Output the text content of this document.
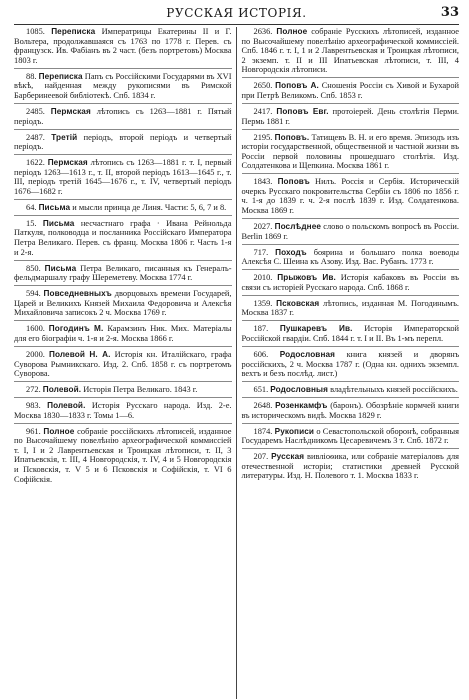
РУССКАЯ ИСТОРІЯ.	33

1085. Переписка Императрицы Екатерины II и Г. Вольтера, продолжавшаяся съ 1763 по 1778 г. Перев. съ французск. Ив. Фабіанъ въ 2 част. (безъ портретовъ) Москва 1803 г.

88. Переписка Папъ съ Россійскими Государями въ XVI вѣкѣ, найденная между рукописями въ Римской Барберинеевой библіотекѣ. Спб. 1834 г.

2485. Пермская лѣтопись съ 1263—1881 г. Пятый періодъ.

2487. Третій періодъ, второй періодъ и четвертый періодъ.

1622. Пермская лѣтопись съ 1263—1881 г. т. І, первый періодъ 1263—1613 г., т. II, второй періодъ 1613—1645 г., т. III, періодъ третій 1645—1676 г., т. IV, четвертый періодъ 1676—1682 г.

64. Письма и мысли принца де Линя. Части: 5, 6, 7 и 8.

15. Письма несчастнаго графа · Ивана Рейнольда Паткуля, полководца и посланника Россійскаго Императора Петра Великаго. Перев. съ франц. Москва 1806 г. Часть 1-я и 2-я.

850. Письма Петра Великаго, писанныя къ Генералъ-фельдмаршалу графу Шереметеву. Москва 1774 г.

594. Повседневныхъ дворцовыхъ времени Государей, Царей и Великихъ Князей Михаила Федоровича и Алексѣя Михайловича записокъ 2 ч. Москва 1769 г.

1600. Погодинъ М. Карамзинъ Ник. Мих. Матеріалы для его біографіи ч. 1-я и 2-я. Москва 1866 г.

2000. Полевой Н. А. Исторія кн. Италійскаго, графа Суворова Рымникскаго. Изд. 2. Спб. 1858 г. съ портретомъ Суворова.

272. Полевой. Исторія Петра Великаго. 1843 г.

983. Полевой. Исторія Русскаго народа. Изд. 2-е. Москва 1830—1833 г. Томы 1—6.

961. Полное собраніе россійскихъ лѣтописей, изданное по Высочайшему повелѣнію археографической коммиссіей т. І, I и 2 Лаврентьевская и Троицкая лѣтописи, т. II, 3 Ипатьевскія, т. III, 4 Новгородскія, т. IV, 4 и 5 Новгородскія и Псковскія, т. V 5 и 6 Псковскія и Софійскія, т. VI 6 Софійскія.

2636. Полное собраніе Русскихъ лѣтописей, изданное по Высочайшему повелѣнію археографической коммиссіей. Спб. 1846 г. т. І, 1 и 2 Лаврентьевская и Троицкая лѣтописи, 2 экземп. т. II и III Ипатьевская лѣтописи, т. III, 4 Новгородскія лѣтописи.

2650. Поповъ А. Сношенія Россіи съ Хивой и Бухарой при Петрѣ Великомъ. Спб. 1853 г.

2417. Поповъ Евг. протоіерей. День столѣтія Перми. Пермь 1881 г.

2195. Поповъ. Татищевъ В. Н. и его время. Эпизодъ изъ исторіи государственной, общественной и частной жизни въ Россіи первой половины прошедшаго столѣтія. Изд. Солдатенкова и Щепкина. Москва 1861 г.

1843. Поповъ Нилъ. Россія и Сербія. Историческій очеркъ Русскаго покровительства Сербіи съ 1806 по 1856 г. ч. 1-я до 1839 г. ч. 2-я послѣ 1839 г. Изд. Солдатенкова. Москва 1869 г.

2027. Послѣднее слово о польскомъ вопросѣ въ Россіи. Berlin 1869 г.

717. Походъ боярина и большаго полка воеводы Алексѣя С. Шеина къ Азову. Изд. Вас. Рубанъ. 1773 г.

2010. Прыжовъ Ив. Исторія кабаковъ въ Россіи въ связи съ исторіей Русскаго народа. Спб. 1868 г.

1359. Псковская лѣтопись, изданная М. Погодинымъ. Москва 1837 г.

187. Пушкаревъ Ив. Исторія Императорской Россійской гвардіи. Спб. 1844 г. т. I и II. Въ 1-мъ перепл.

606. Родословная книга князей и дворянъ россійскихъ, 2 ч. Москва 1787 г. (Одна кн. однихъ экземпл. вехтъ и безъ послѣд. лист.)

651. Родословныя владѣтельныхъ князей россійскихъ.

2648. Розенкамфъ (баронъ). Обозрѣніе кормчей книги въ историческомъ видѣ. Москва 1829 г.

1874. Рукописи о Севастопольской оборонѣ, собранныя Государемъ Наслѣдникомъ Цесаревичемъ 3 т. Спб. 1872 г.

207. Русская вивліоѳика, или собраніе матеріаловъ для отечественной исторіи; статистики древней Русской литературы. Изд. Н. Полевого т. 1. Москва 1833 г.
